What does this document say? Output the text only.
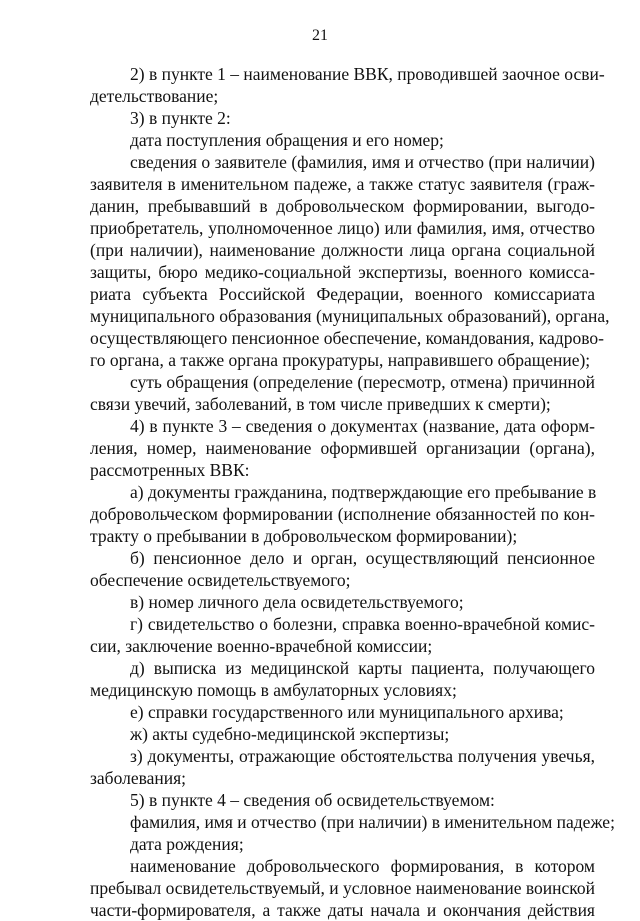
21
2) в пункте 1 – наименование ВВК, проводившей заочное осви-
детельствование;
3) в пункте 2:
дата поступления обращения и его номер;
сведения о заявителе (фамилия, имя и отчество (при наличии)
заявителя в именительном падеже, а также статус заявителя (граж-
данин, пребывавший в добровольческом формировании, выгодо-
приобретатель, уполномоченное лицо) или фамилия, имя, отчество
(при наличии), наименование должности лица органа социальной
защиты, бюро медико-социальной экспертизы, военного комисса-
риата субъекта Российской Федерации, военного комиссариата
муниципального образования (муниципальных образований), органа,
осуществляющего пенсионное обеспечение, командования, кадрово-
го органа, а также органа прокуратуры, направившего обращение);
суть обращения (определение (пересмотр, отмена) причинной
связи увечий, заболеваний, в том числе приведших к смерти);
4) в пункте 3 – сведения о документах (название, дата оформ-
ления, номер, наименование оформившей организации (органа),
рассмотренных ВВК:
а) документы гражданина, подтверждающие его пребывание в
добровольческом формировании (исполнение обязанностей по кон-
тракту о пребывании в добровольческом формировании);
б) пенсионное дело и орган, осуществляющий пенсионное
обеспечение освидетельствуемого;
в) номер личного дела освидетельствуемого;
г) свидетельство о болезни, справка военно-врачебной комис-
сии, заключение военно-врачебной комиссии;
д) выписка из медицинской карты пациента, получающего
медицинскую помощь в амбулаторных условиях;
е) справки государственного или муниципального архива;
ж) акты судебно-медицинской экспертизы;
з) документы, отражающие обстоятельства получения увечья,
заболевания;
5) в пункте 4 – сведения об освидетельствуемом:
фамилия, имя и отчество (при наличии) в именительном падеже;
дата рождения;
наименование добровольческого формирования, в котором
пребывал освидетельствуемый, и условное наименование воинской
части-формирователя, а также даты начала и окончания действия
